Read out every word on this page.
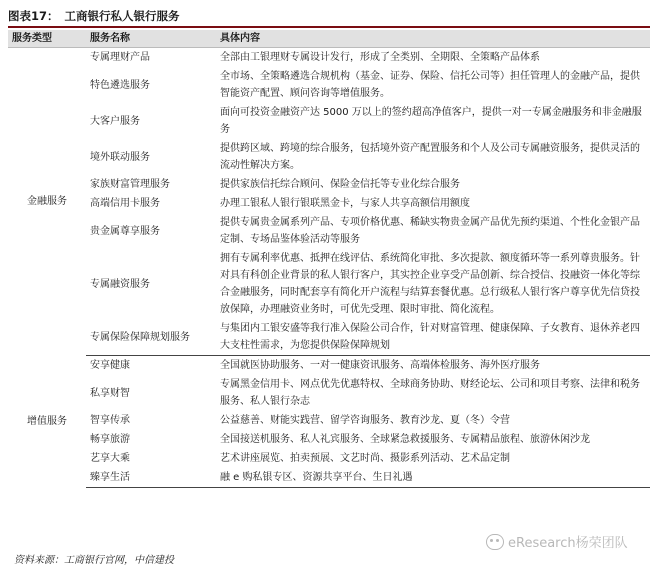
图表17： 工商银行私人银行服务
服务类型	服务名称	具体内容
金融服务	专属理财产品	全部由工银理财专属设计发行，形成了全类别、全期限、全策略产品体系
	特色遴选服务	全市场、全策略遴选合规机构（基金、证券、保险、信托公司等）担任管理人的金融产品，提供智能资产配置、顾问咨询等增值服务。
	大客户服务	面向可投资金融资产达 5000 万以上的签约超高净值客户，提供一对一专属金融服务和非金融服务
	境外联动服务	提供跨区域、跨境的综合服务，包括境外资产配置服务和个人及公司专属融资服务，提供灵活的流动性解决方案。
	家族财富管理服务	提供家族信托综合顾问、保险金信托等专业化综合服务
	高端信用卡服务	办理工银私人银行银联黑金卡，与家人共享高额信用额度
	贵金属尊享服务	提供专属贵金属系列产品、专项价格优惠、稀缺实物贵金属产品优先预约渠道、个性化金银产品定制、专场品鉴体验活动等服务
	专属融资服务	拥有专属利率优惠、抵押在线评估、系统简化审批、多次提款、额度循环等一系列尊贵服务。针对具有科创企业背景的私人银行客户，其实控企业享受产品创新、综合授信、投融资一体化等综合金融服务，同时配套享有简化开户流程与结算套餐优惠。总行级私人银行客户尊享优先信贷投放保障，办理融资业务时，可优先受理、限时审批、简化流程。
	专属保险保障规划服务	与集团内工银安盛等我行准入保险公司合作，针对财富管理、健康保障、子女教育、退休养老四大支柱性需求，为您提供保险保障规划
增值服务	安享健康	全国就医协助服务、一对一健康资讯服务、高端体检服务、海外医疗服务
	私享财智	专属黑金信用卡、网点优先优惠特权、全球商务协助、财经论坛、公司和项目考察、法律和税务服务、私人银行杂志
	智享传承	公益慈善、财能实践营、留学咨询服务、教育沙龙、夏（冬）令营
	畅享旅游	全国接送机服务、私人礼宾服务、全球紧急救援服务、专属精品旅程、旅游休闲沙龙
	艺享大乘	艺术讲座展览、拍卖预展、文艺时尚、摄影系列活动、艺术品定制
	臻享生活	融 e 购私银专区、资源共享平台、生日礼遇
资料来源：工商银行官网，中信建投
eResearch杨荣团队
